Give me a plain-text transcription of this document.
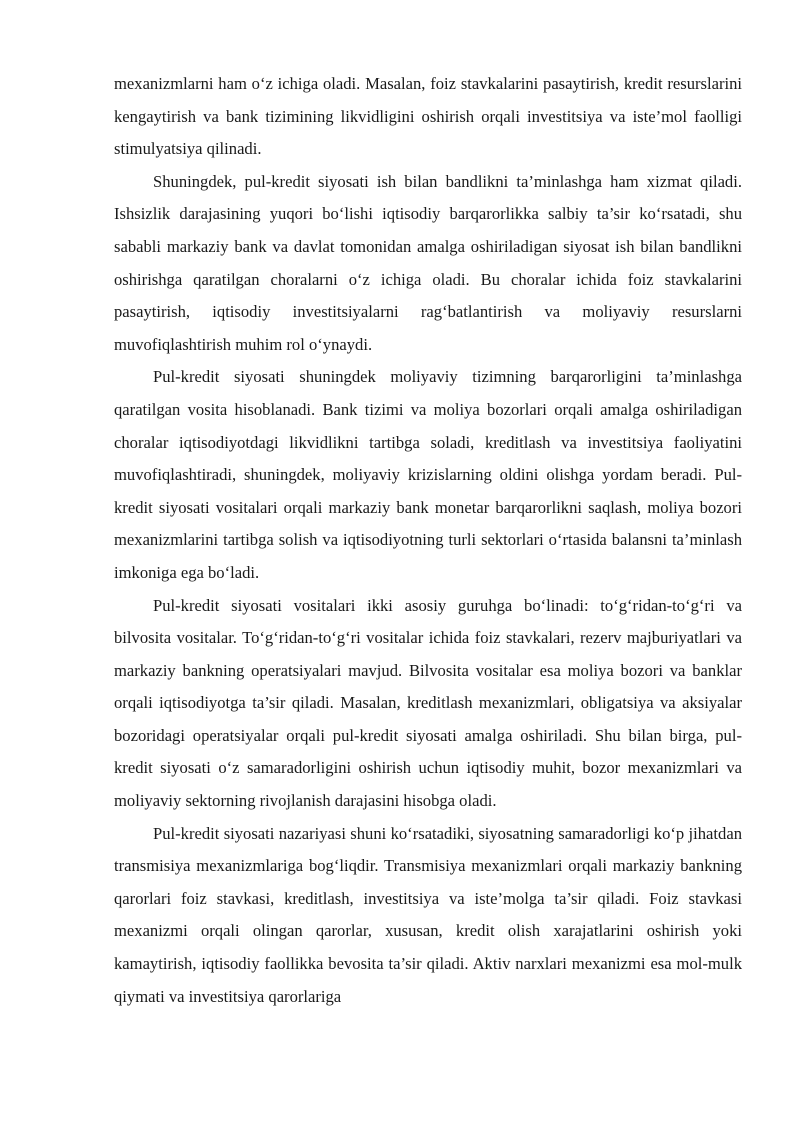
mexanizmlarni ham o‘z ichiga oladi. Masalan, foiz stavkalarini pasaytirish, kredit resurslarini kengaytirish va bank tizimining likvidligini oshirish orqali investitsiya va iste’mol faolligi stimulyatsiya qilinadi.

Shuningdek, pul-kredit siyosati ish bilan bandlikni ta’minlashga ham xizmat qiladi. Ishsizlik darajasining yuqori bo‘lishi iqtisodiy barqarorlikka salbiy ta’sir ko‘rsatadi, shu sababli markaziy bank va davlat tomonidan amalga oshiriladigan siyosat ish bilan bandlikni oshirishga qaratilgan choralarni o‘z ichiga oladi. Bu choralar ichida foiz stavkalarini pasaytirish, iqtisodiy investitsiyalarni rag‘batlantirish va moliyaviy resurslarni muvofiqlashtirish muhim rol o‘ynaydi.

Pul-kredit siyosati shuningdek moliyaviy tizimning barqarorligini ta’minlashga qaratilgan vosita hisoblanadi. Bank tizimi va moliya bozorlari orqali amalga oshiriladigan choralar iqtisodiyotdagi likvidlikni tartibga soladi, kreditlash va investitsiya faoliyatini muvofiqlashtiradi, shuningdek, moliyaviy krizislarning oldini olishga yordam beradi. Pul-kredit siyosati vositalari orqali markaziy bank monetar barqarorlikni saqlash, moliya bozori mexanizmlarini tartibga solish va iqtisodiyotning turli sektorlari o‘rtasida balansni ta’minlash imkoniga ega bo‘ladi.

Pul-kredit siyosati vositalari ikki asosiy guruhga bo‘linadi: to‘g‘ridan-to‘g‘ri va bilvosita vositalar. To‘g‘ridan-to‘g‘ri vositalar ichida foiz stavkalari, rezerv majburiyatlari va markaziy bankning operatsiyalari mavjud. Bilvosita vositalar esa moliya bozori va banklar orqali iqtisodiyotga ta’sir qiladi. Masalan, kreditlash mexanizmlari, obligatsiya va aksiyalar bozoridagi operatsiyalar orqali pul-kredit siyosati amalga oshiriladi. Shu bilan birga, pul-kredit siyosati o‘z samaradorligini oshirish uchun iqtisodiy muhit, bozor mexanizmlari va moliyaviy sektorning rivojlanish darajasini hisobga oladi.

Pul-kredit siyosati nazariyasi shuni ko‘rsatadiki, siyosatning samaradorligi ko‘p jihatdan transmisiya mexanizmlariga bog‘liqdir. Transmisiya mexanizmlari orqali markaziy bankning qarorlari foiz stavkasi, kreditlash, investitsiya va iste’molga ta’sir qiladi. Foiz stavkasi mexanizmi orqali olingan qarorlar, xususan, kredit olish xarajatlarini oshirish yoki kamaytirish, iqtisodiy faollikka bevosita ta’sir qiladi. Aktiv narxlari mexanizmi esa mol-mulk qiymati va investitsiya qarorlariga
